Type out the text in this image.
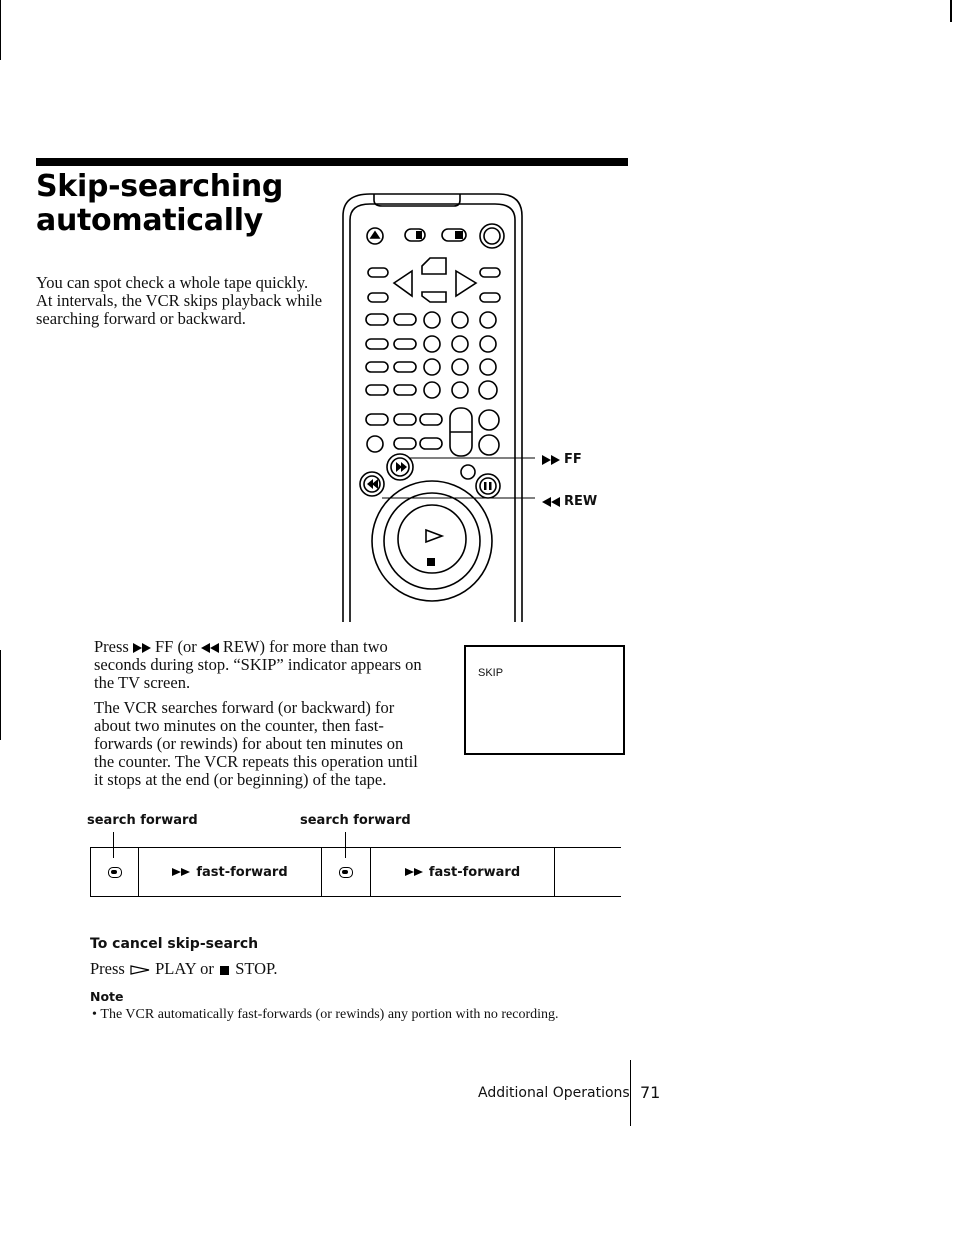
Skip-searching
automatically

You can spot check a whole tape quickly. At intervals, the VCR skips playback while searching forward or backward.

FF
REW

Press FF (or REW) for more than two seconds during stop. “SKIP” indicator appears on the TV screen.

The VCR searches forward (or backward) for about two minutes on the counter, then fast-forwards (or rewinds) for about ten minutes on the counter. The VCR repeats this operation until it stops at the end (or beginning) of the tape.

SKIP
search forward	search forward
fast-forward	fast-forward
To cancel skip-search

Press PLAY or STOP.

Note
• The VCR automatically fast-forwards (or rewinds) any portion with no recording.
Additional Operations 71
